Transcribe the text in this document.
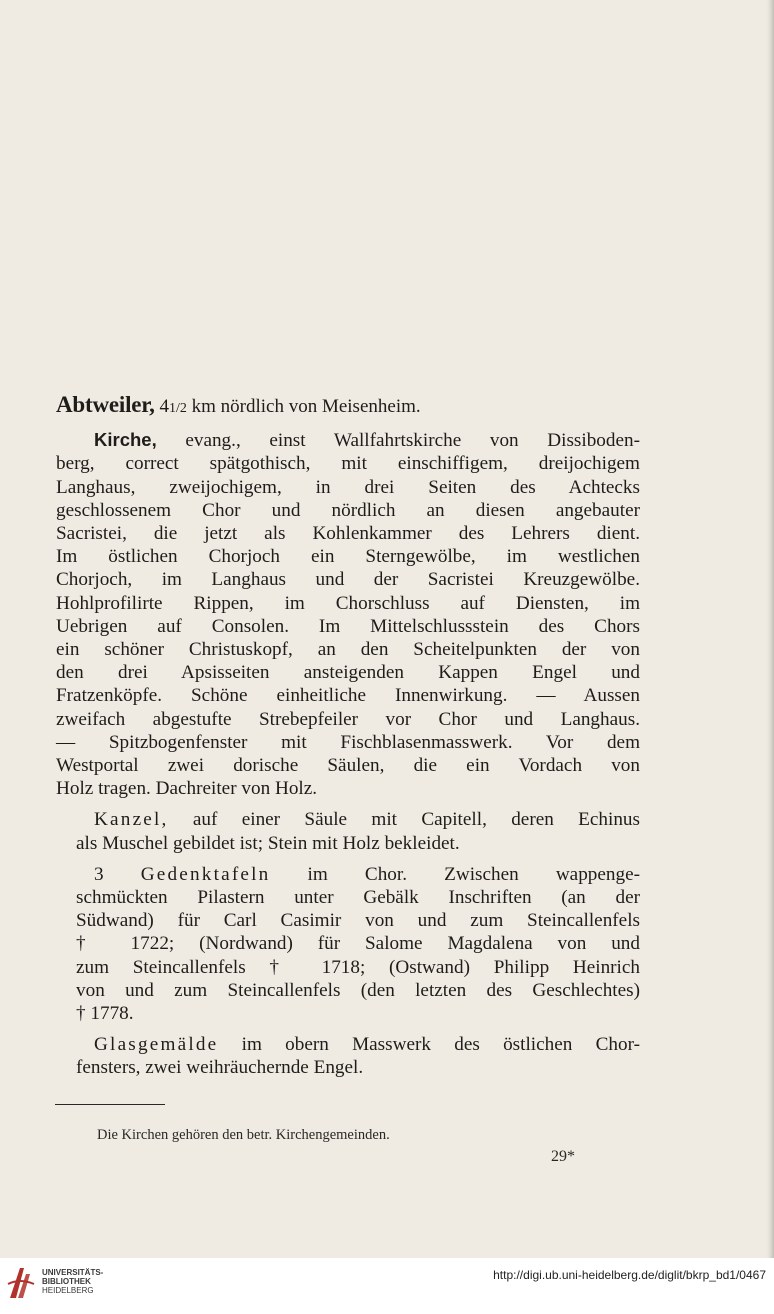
Abtweiler, 41/2 km nördlich von Meisenheim.
Kirche, evang., einst Wallfahrtskirche von Dissiboden-
berg, correct spätgothisch, mit einschiffigem, dreijochigem
Langhaus, zweijochigem, in drei Seiten des Achtecks
geschlossenem Chor und nördlich an diesen angebauter
Sacristei, die jetzt als Kohlenkammer des Lehrers dient.
Im östlichen Chorjoch ein Sterngewölbe, im westlichen
Chorjoch, im Langhaus und der Sacristei Kreuzgewölbe.
Hohlprofilirte Rippen, im Chorschluss auf Diensten, im
Uebrigen auf Consolen. Im Mittelschlussstein des Chors
ein schöner Christuskopf, an den Scheitelpunkten der von
den drei Apsisseiten ansteigenden Kappen Engel und
Fratzenköpfe. Schöne einheitliche Innenwirkung. — Aussen
zweifach abgestufte Strebepfeiler vor Chor und Langhaus.
— Spitzbogenfenster mit Fischblasenmasswerk. Vor dem
Westportal zwei dorische Säulen, die ein Vordach von
Holz tragen. Dachreiter von Holz.
Kanzel, auf einer Säule mit Capitell, deren Echinus
als Muschel gebildet ist; Stein mit Holz bekleidet.
3 Gedenktafeln im Chor. Zwischen wappenge-
schmückten Pilastern unter Gebälk Inschriften (an der
Südwand) für Carl Casimir von und zum Steincallenfels
† 1722; (Nordwand) für Salome Magdalena von und
zum Steincallenfels † 1718; (Ostwand) Philipp Heinrich
von und zum Steincallenfels (den letzten des Geschlechtes)
† 1778.
Glasgemälde im obern Masswerk des östlichen Chor-
fensters, zwei weihräuchernde Engel.
Die Kirchen gehören den betr. Kirchengemeinden.
29*
UNIVERSITÄTS-
BIBLIOTHEK
HEIDELBERG
http://digi.ub.uni-heidelberg.de/diglit/bkrp_bd1/0467
